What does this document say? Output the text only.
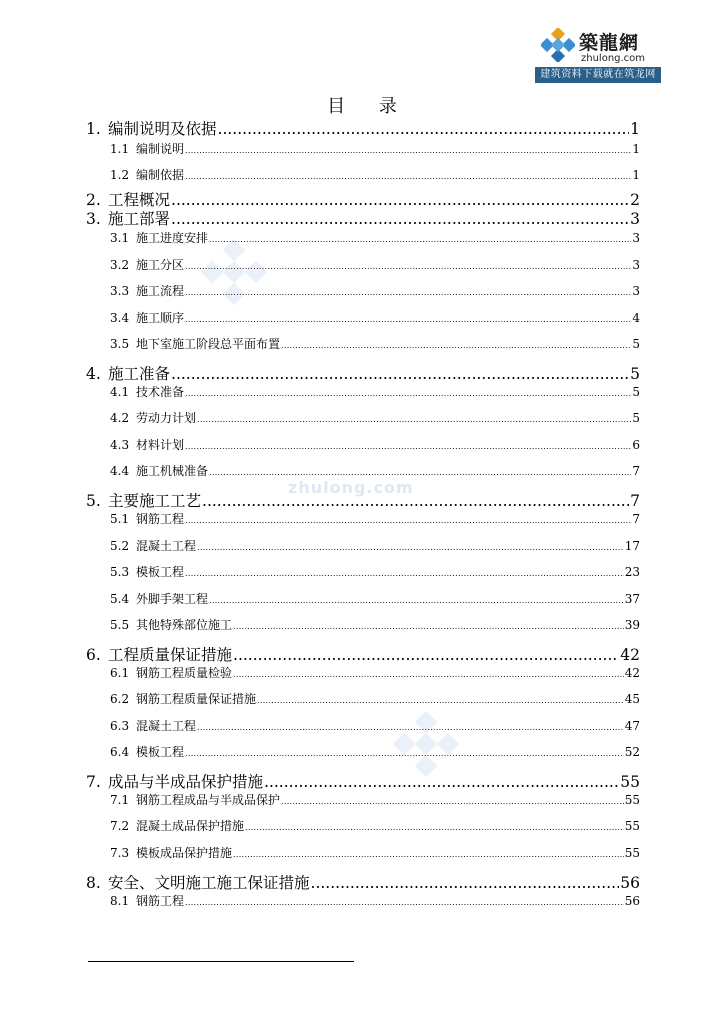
築龍網
zhulong.com
建筑资料下载就在筑龙网
zhulong.com
目 录
1. 编制说明及依据 .....	1
1.1 编制说明 .....	1
1.2 编制依据 .....	1
2. 工程概况 .....	2
3. 施工部署 .....	3
3.1 施工进度安排 .....	3
3.2 施工分区 .....	3
3.3 施工流程 .....	3
3.4 施工顺序 .....	4
3.5 地下室施工阶段总平面布置 .....	5
4. 施工准备 .....	5
4.1 技术准备 .....	5
4.2 劳动力计划 .....	5
4.3 材料计划 .....	6
4.4 施工机械准备 .....	7
5. 主要施工工艺 .....	7
5.1 钢筋工程 .....	7
5.2 混凝土工程 .....	17
5.3 模板工程 .....	23
5.4 外脚手架工程 .....	37
5.5 其他特殊部位施工 .....	39
6. 工程质量保证措施 .....	42
6.1 钢筋工程质量检验 .....	42
6.2 钢筋工程质量保证措施 .....	45
6.3 混凝土工程 .....	47
6.4 模板工程 .....	52
7. 成品与半成品保护措施 .....	55
7.1 钢筋工程成品与半成品保护 .....	55
7.2 混凝土成品保护措施 .....	55
7.3 模板成品保护措施 .....	55
8. 安全、文明施工施工保证措施 .....	56
8.1 钢筋工程 .....	56
